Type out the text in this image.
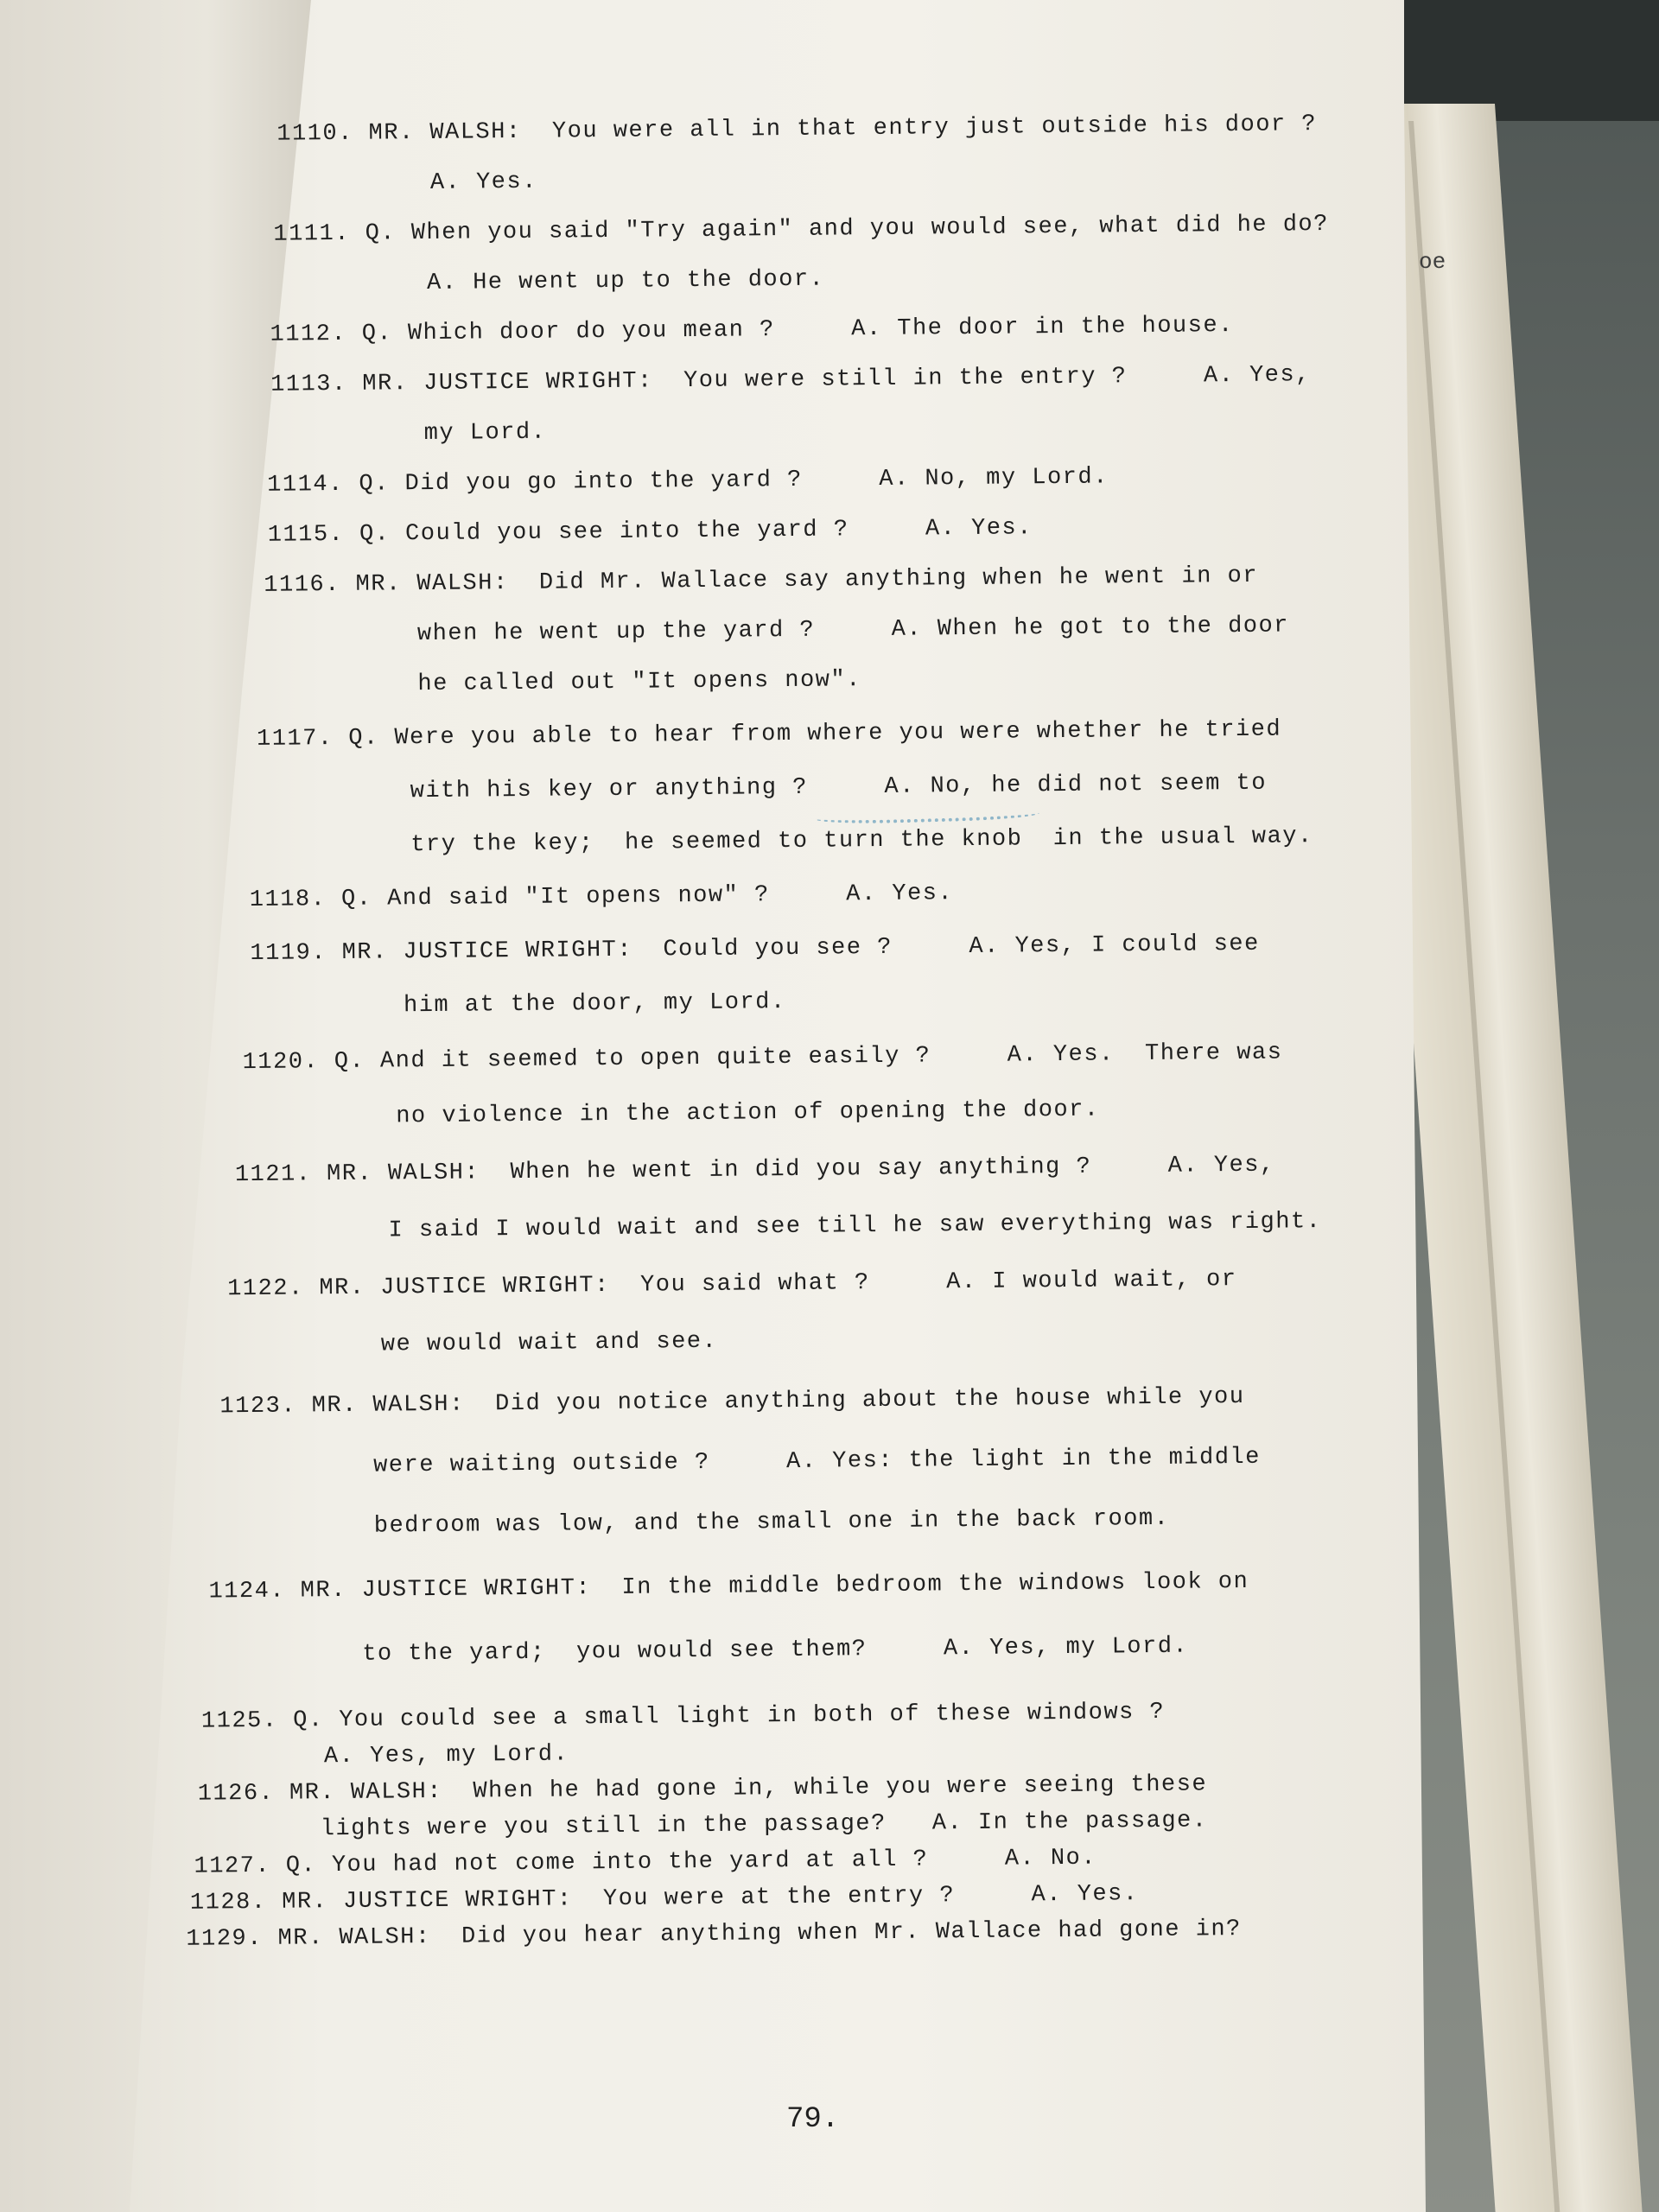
oe
1110. MR. WALSH:  You were all in that entry just outside his door ?
A. Yes.
1111. Q. When you said "Try again" and you would see, what did he do?
A. He went up to the door.
1112. Q. Which door do you mean ?     A. The door in the house.
1113. MR. JUSTICE WRIGHT:  You were still in the entry ?     A. Yes,
my Lord.
1114. Q. Did you go into the yard ?     A. No, my Lord.
1115. Q. Could you see into the yard ?     A. Yes.
1116. MR. WALSH:  Did Mr. Wallace say anything when he went in or
when he went up the yard ?     A. When he got to the door
he called out "It opens now".
1117. Q. Were you able to hear from where you were whether he tried
with his key or anything ?     A. No, he did not seem to
try the key;  he seemed to turn the knob  in the usual way.
1118. Q. And said "It opens now" ?     A. Yes.
1119. MR. JUSTICE WRIGHT:  Could you see ?     A. Yes, I could see
him at the door, my Lord.
1120. Q. And it seemed to open quite easily ?     A. Yes.  There was
no violence in the action of opening the door.
1121. MR. WALSH:  When he went in did you say anything ?     A. Yes,
I said I would wait and see till he saw everything was right.
1122. MR. JUSTICE WRIGHT:  You said what ?     A. I would wait, or
we would wait and see.
1123. MR. WALSH:  Did you notice anything about the house while you
were waiting outside ?     A. Yes: the light in the middle
bedroom was low, and the small one in the back room.
1124. MR. JUSTICE WRIGHT:  In the middle bedroom the windows look on
to the yard;  you would see them?     A. Yes, my Lord.
1125. Q. You could see a small light in both of these windows ?
A. Yes, my Lord.
1126. MR. WALSH:  When he had gone in, while you were seeing these
lights were you still in the passage?   A. In the passage.
1127. Q. You had not come into the yard at all ?     A. No.
1128. MR. JUSTICE WRIGHT:  You were at the entry ?     A. Yes.
1129. MR. WALSH:  Did you hear anything when Mr. Wallace had gone in?
79.
